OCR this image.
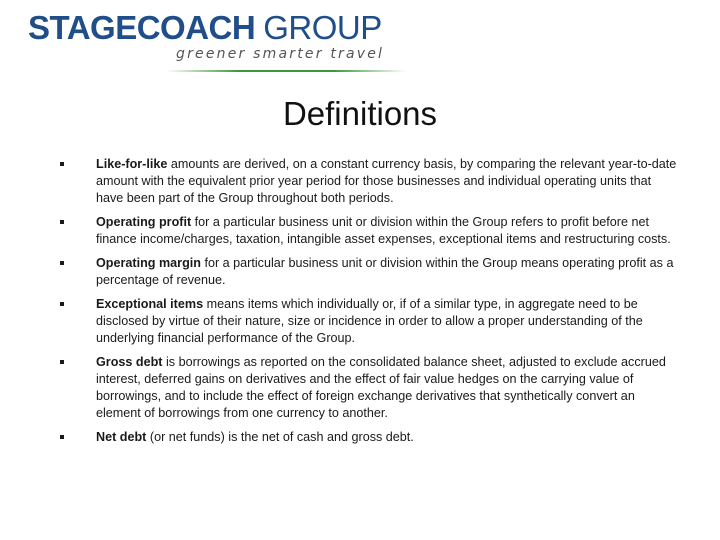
STAGECOACH GROUP
greener smarter travel
Definitions
Like-for-like amounts are derived, on a constant currency basis, by comparing the relevant year-to-date amount with the equivalent prior year period for those businesses and individual operating units that have been part of the Group throughout both periods.
Operating profit for a particular business unit or division within the Group refers to profit before net finance income/charges, taxation, intangible asset expenses, exceptional items and restructuring costs.
Operating margin for a particular business unit or division within the Group means operating profit as a percentage of revenue.
Exceptional items means items which individually or, if of a similar type, in aggregate need to be disclosed by virtue of their nature, size or incidence in order to allow a proper understanding of the underlying financial performance of the Group.
Gross debt is borrowings as reported on the consolidated balance sheet, adjusted to exclude accrued interest, deferred gains on derivatives and the effect of fair value hedges on the carrying value of borrowings, and to include the effect of foreign exchange derivatives that synthetically convert an element of borrowings from one currency to another.
Net debt (or net funds) is the net of cash and gross debt.
